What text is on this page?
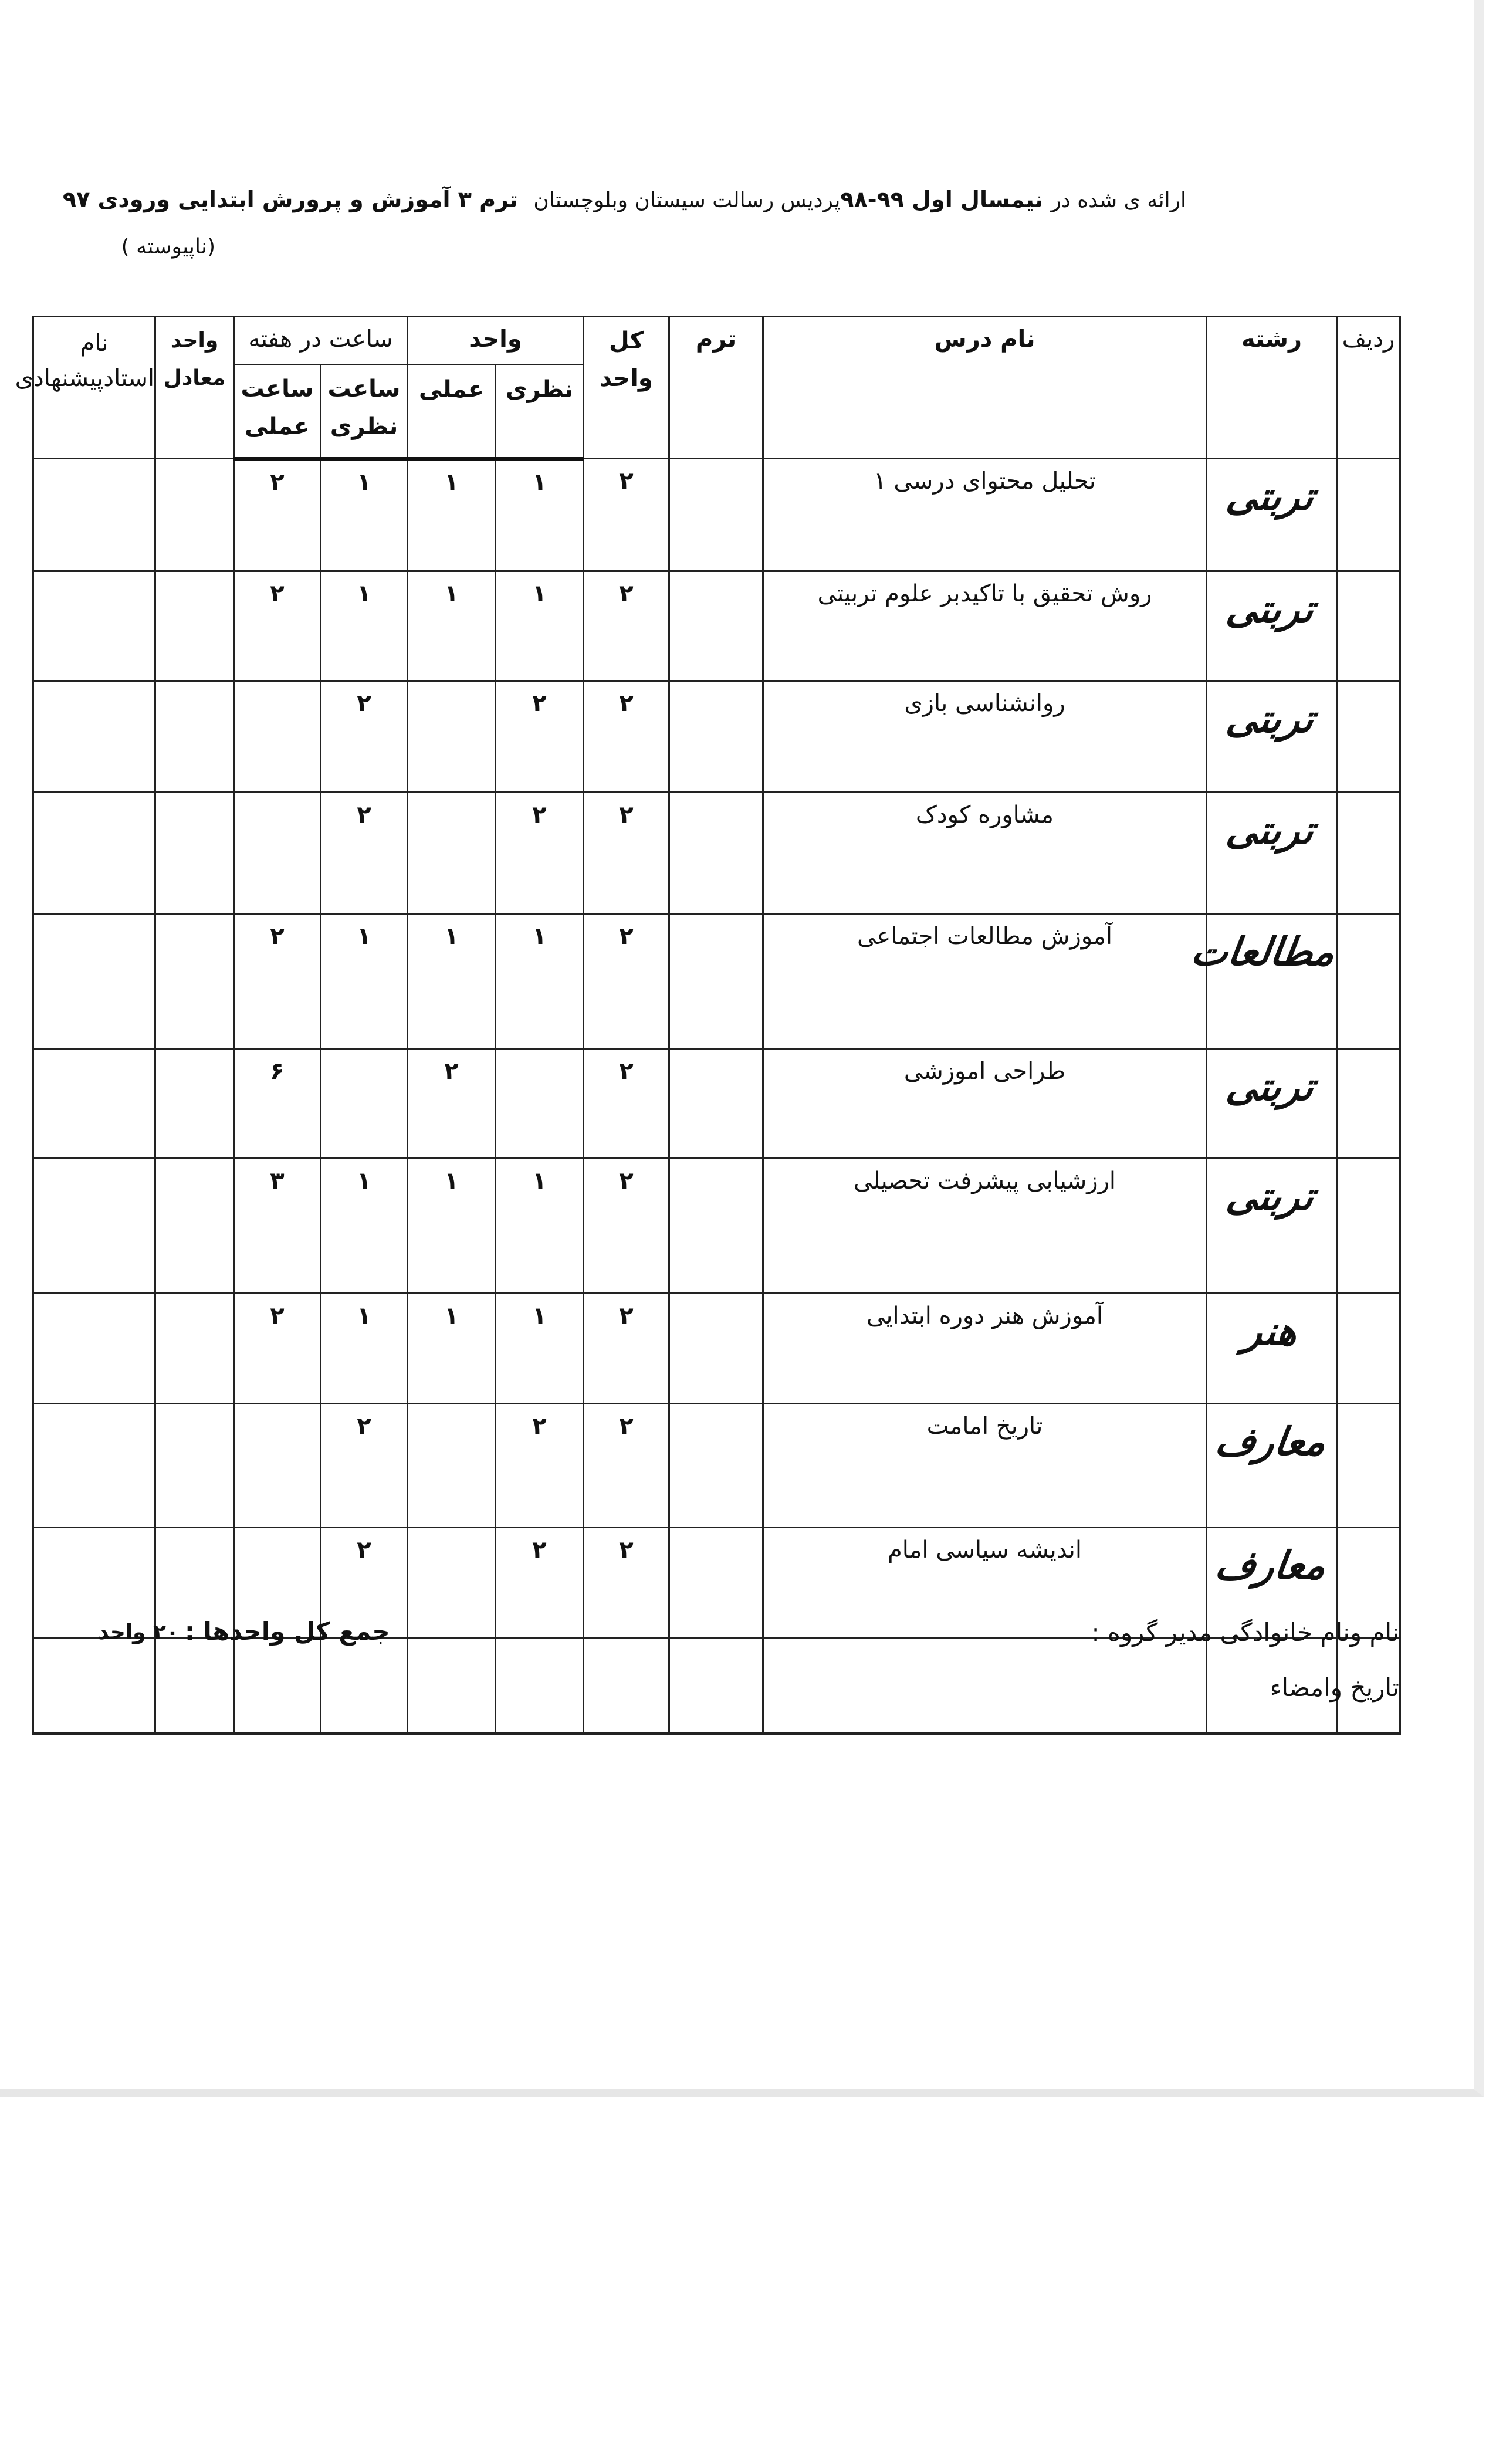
ارائه ی شده در نیمسال اول ۹۹-۹۸پردیس رسالت سیستان وبلوچستان  ترم ۳ آموزش و پرورش ابتدایی ورودی ۹۷
(ناپیوسته )
ردیف	رشته	نام درس	ترم	کل واحد	واحد		ساعت در هفته		واحد معادل	نام استادپیشنهادی
					نظری	عملی	ساعت نظری	ساعت عملی		
	تربتی	تحلیل محتوای درسی ۱		۲	۱	۱	۱	۲		
	تربتی	روش تحقیق با تاکیدبر علوم تربیتی		۲	۱	۱	۱	۲		
	تربتی	روانشناسی بازی		۲	۲		۲			
	تربتی	مشاوره کودک		۲	۲		۲			
	مطالعات	آموزش مطالعات اجتماعی		۲	۱	۱	۱	۲		
	تربتی	طراحی اموزشی		۲		۲		۶		
	تربتی	ارزشیابی پیشرفت تحصیلی		۲	۱	۱	۱	۳		
	هنر	آموزش هنر دوره ابتدایی		۲	۱	۱	۱	۲		
	معارف	تاریخ امامت		۲	۲		۲			
	معارف	اندیشه سیاسی امام		۲	۲		۲			

نام ونام خانوادگی مدیر گروه :
تاریخ وامضاء
جمع کل واحدها :
۲۰ واحد
